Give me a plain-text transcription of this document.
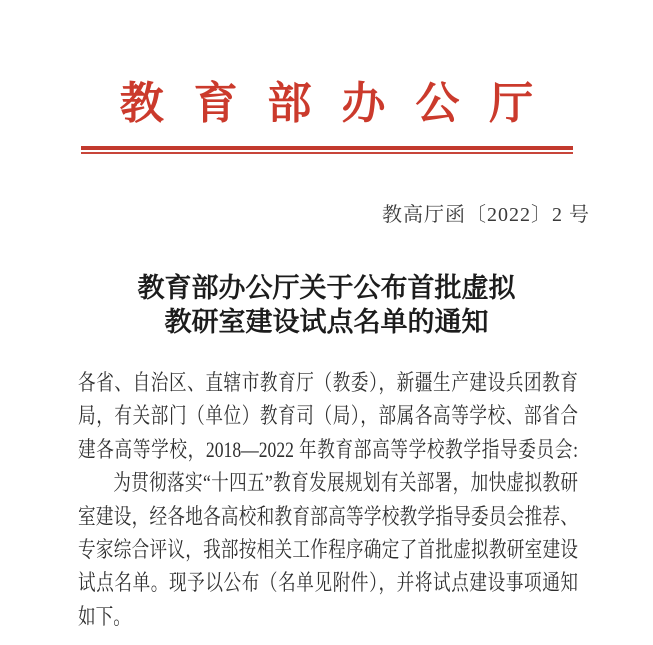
教育部办公厅
教高厅函〔2022〕2 号
教育部办公厅关于公布首批虚拟
教研室建设试点名单的通知
各省、自治区、直辖市教育厅（教委），新疆生产建设兵团教育
局，有关部门（单位）教育司（局），部属各高等学校、部省合
建各高等学校，2018—2022 年教育部高等学校教学指导委员会:
为贯彻落实“十四五”教育发展规划有关部署，加快虚拟教研
室建设，经各地各高校和教育部高等学校教学指导委员会推荐、
专家综合评议，我部按相关工作程序确定了首批虚拟教研室建设
试点名单。现予以公布（名单见附件），并将试点建设事项通知
如下。
